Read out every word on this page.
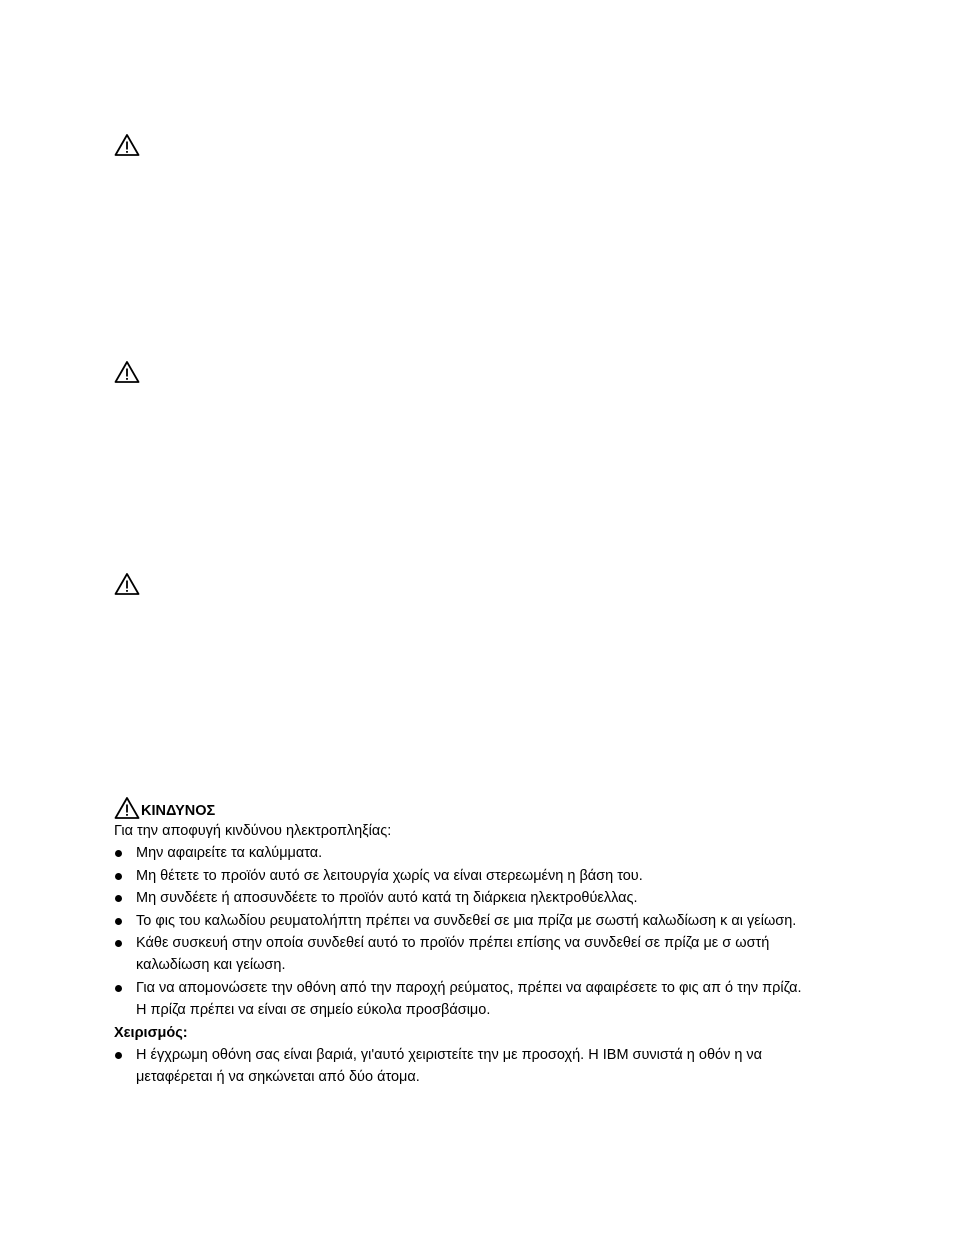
ΚΙΝΔΥΝΟΣ

Για την αποφυγή κινδύνου ηλεκτροπληξίας:

Μην αφαιρείτε τα καλύμματα.
Μη θέτετε το προϊόν αυτό σε λειτουργία χωρίς να είναι στερεωμένη η βάση του.
Μη συνδέετε ή αποσυνδέετε το προϊόν αυτό κατά τη διάρκεια ηλεκτροθύελλας.
Το φις του καλωδίου ρευματολήπτη πρέπει να συνδεθεί σε μια πρίζα με σωστή καλωδίωση κ αι γείωση.
Κάθε συσκευή στην οποία συνδεθεί αυτό το προϊόν πρέπει επίσης να συνδεθεί σε πρίζα με σ ωστή καλωδίωση και γείωση.
Για να απομονώσετε την οθόνη από την παροχή ρεύματος, πρέπει να αφαιρέσετε το φις απ ό την πρίζα. Η πρίζα πρέπει να είναι σε σημείο εύκολα προσβάσιμο.

Χειρισμός:

Η έγχρωμη οθόνη σας είναι βαριά, γι'αυτό χειριστείτε την με προσοχή. Η IBM συνιστά η οθόν η να μεταφέρεται ή να σηκώνεται από δύο άτομα.
